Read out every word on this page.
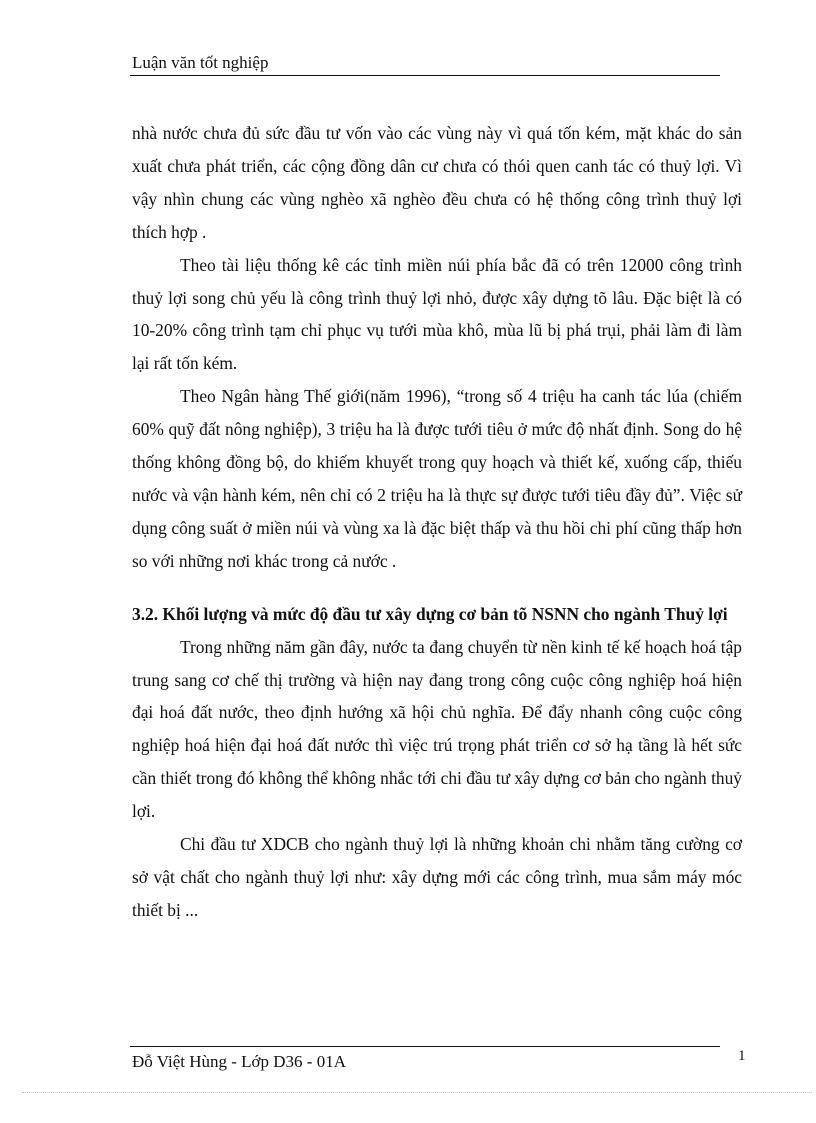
Luận văn tốt nghiệp

nhà nước chưa đủ sức đầu tư vốn vào các vùng này vì quá tốn kém, mặt khác do sản xuất chưa phát triển, các cộng đồng dân cư chưa có thói quen canh tác có thuỷ lợi. Vì vậy nhìn chung các vùng nghèo xã nghèo đều chưa có hệ thống công trình thuỷ lợi thích hợp .

Theo tài liệu thống kê các tỉnh miền núi phía bắc đã có trên 12000 công trình thuỷ lợi song chủ yếu là công trình thuỷ lợi nhỏ, được xây dựng tõ lâu. Đặc biệt là có 10-20% công trình tạm chỉ phục vụ tưới mùa khô, mùa lũ bị phá trụi, phải làm đi làm lại rất tốn kém.

Theo Ngân hàng Thế giới(năm 1996), “trong số 4 triệu ha canh tác lúa (chiếm 60% quỹ đất nông nghiệp), 3 triệu ha là được tưới tiêu ở mức độ nhất định. Song do hệ thống không đồng bộ, do khiếm khuyết trong quy hoạch và thiết kế, xuống cấp, thiếu nước và vận hành kém, nên chỉ có 2 triệu ha là thực sự được tưới tiêu đầy đủ”. Việc sử dụng công suất ở miền núi và vùng xa là đặc biệt thấp và thu hồi chi phí cũng thấp hơn so với những nơi khác trong cả nước .

3.2. Khối lượng và mức độ đầu tư xây dựng cơ bản tõ NSNN cho ngành Thuỷ lợi

Trong những năm gần đây, nước ta đang chuyển từ nền kinh tế kế hoạch hoá tập trung sang cơ chế thị trường và hiện nay đang trong công cuộc công nghiệp hoá hiện đại hoá đất nước, theo định hướng xã hội chủ nghĩa. Để đẩy nhanh công cuộc công nghiệp hoá hiện đại hoá đất nước thì việc trú trọng phát triển cơ sở hạ tầng là hết sức cần thiết trong đó không thể không nhắc tới chi đầu tư xây dựng cơ bản cho ngành thuỷ lợi.

Chi đầu tư XDCB cho ngành thuỷ lợi là những khoản chi nhằm tăng cường cơ sở vật chất cho ngành thuỷ lợi như: xây dựng mới các công trình, mua sắm máy móc thiết bị ...

Đỗ Việt Hùng - Lớp D36 - 01A	1
